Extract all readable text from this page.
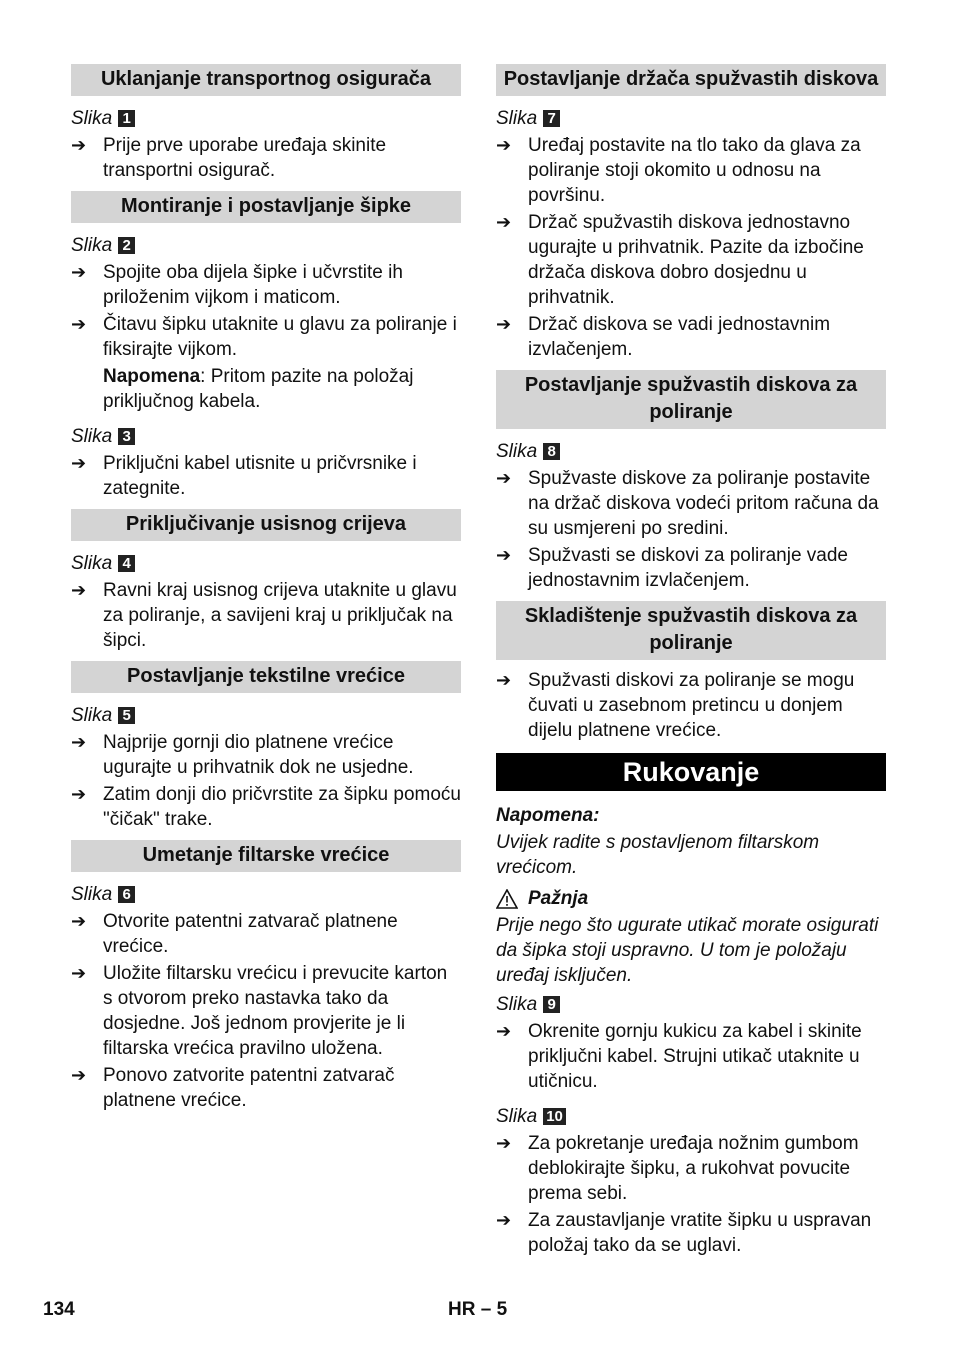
Uklanjanje transportnog osigurača
Slika 1
➔ Prije prve uporabe uređaja skinite transportni osigurač.
Montiranje i postavljanje šipke
Slika 2
➔ Spojite oba dijela šipke i učvrstite ih priloženim vijkom i maticom.
➔ Čitavu šipku utaknite u glavu za poliranje i fiksirajte vijkom.
Napomena: Pritom pazite na položaj priključnog kabela.
Slika 3
➔ Priključni kabel utisnite u pričvrsnike i zategnite.
Priključivanje usisnog crijeva
Slika 4
➔ Ravni kraj usisnog crijeva utaknite u glavu za poliranje, a savijeni kraj u priključak na šipci.
Postavljanje tekstilne vrećice
Slika 5
➔ Najprije gornji dio platnene vrećice ugurajte u prihvatnik dok ne usjedne.
➔ Zatim donji dio pričvrstite za šipku pomoću "čičak" trake.
Umetanje filtarske vrećice
Slika 6
➔ Otvorite patentni zatvarač platnene vrećice.
➔ Uložite filtarsku vrećicu i prevucite karton s otvorom preko nastavka tako da dosjedne. Još jednom provjerite je li filtarska vrećica pravilno uložena.
➔ Ponovo zatvorite patentni zatvarač platnene vrećice.
Postavljanje držača spužvastih diskova
Slika 7
➔ Uređaj postavite na tlo tako da glava za poliranje stoji okomito u odnosu na površinu.
➔ Držač spužvastih diskova jednostavno ugurajte u prihvatnik. Pazite da izbočine držača diskova dobro dosjednu u prihvatnik.
➔ Držač diskova se vadi jednostavnim izvlačenjem.
Postavljanje spužvastih diskova za poliranje
Slika 8
➔ Spužvaste diskove za poliranje postavite na držač diskova vodeći pritom računa da su usmjereni po sredini.
➔ Spužvasti se diskovi za poliranje vade jednostavnim izvlačenjem.
Skladištenje spužvastih diskova za poliranje
➔ Spužvasti diskovi za poliranje se mogu čuvati u zasebnom pretincu u donjem dijelu platnene vrećice.
Rukovanje
Napomena:
Uvijek radite s postavljenom filtarskom vrećicom.
Pažnja
Prije nego što ugurate utikač morate osigurati da šipka stoji uspravno. U tom je položaju uređaj isključen.
Slika 9
➔ Okrenite gornju kukicu za kabel i skinite priključni kabel. Strujni utikač utaknite u utičnicu.
Slika 10
➔ Za pokretanje uređaja nožnim gumbom deblokirajte šipku, a rukohvat povucite prema sebi.
➔ Za zaustavljanje vratite šipku u uspravan položaj tako da se uglavi.
134	HR – 5
